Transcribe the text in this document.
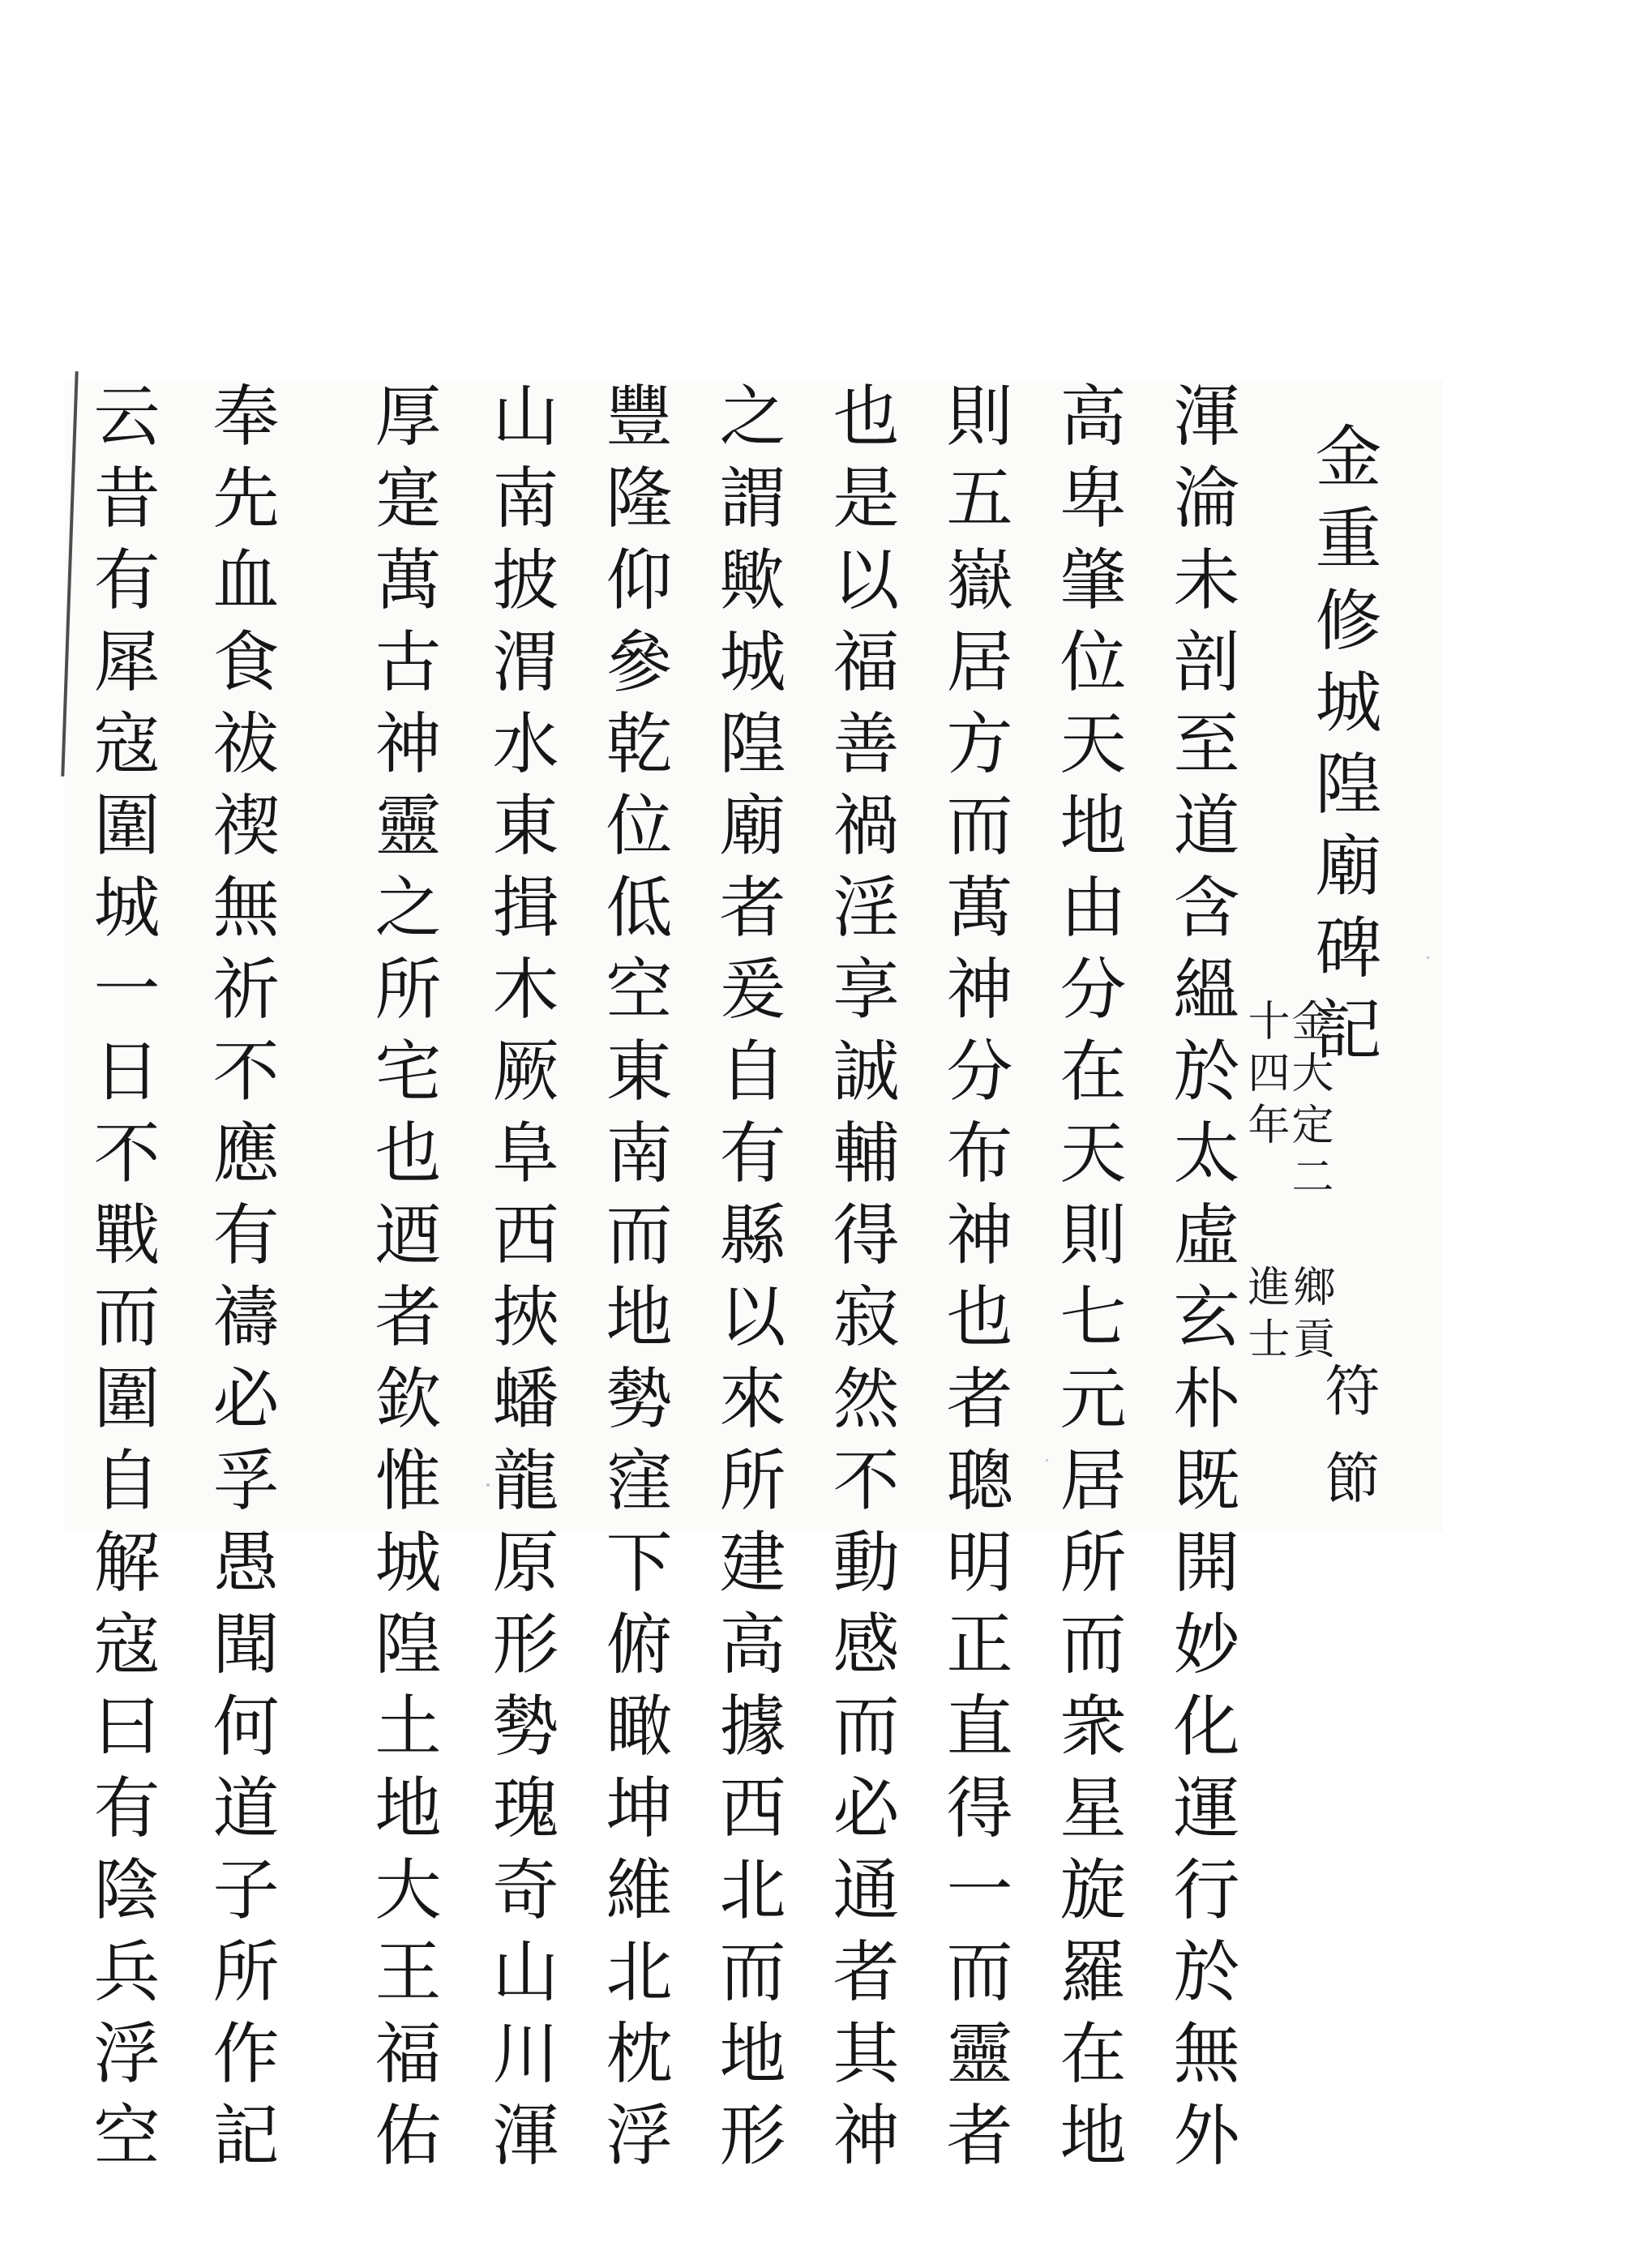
金重修城隍廟碑記
金大定二
十四年
鄉貢
進士
符節
渾淪未剖至道含縕於太虛玄朴既開妙化運行於無外
高卑肇位天地由分在天則七元居所而衆星旋羅在地
則五嶽居方而萬神分布神也者聰明正直得一而靈者
也是以福善禍淫享誠輔得寂然不動感而必通者其神
之謂歟城隍廟者爰自有縣以來所建高據西北而地形
豐隆仰參乾位低空東南而地勢窪下俯瞰坤維北枕浮
山南披渭水東揖木厥阜西挾蟠龍原形勢瑰奇山川渾
厚寔萬古神靈之所宅也迺者欽惟城隍土地大王福佑
奉先血食祓禊無祈不應有禱必孚愚聞何道子所作記
云昔有犀寇圍城一日不戰而圍自解寇曰有陰兵浮空
